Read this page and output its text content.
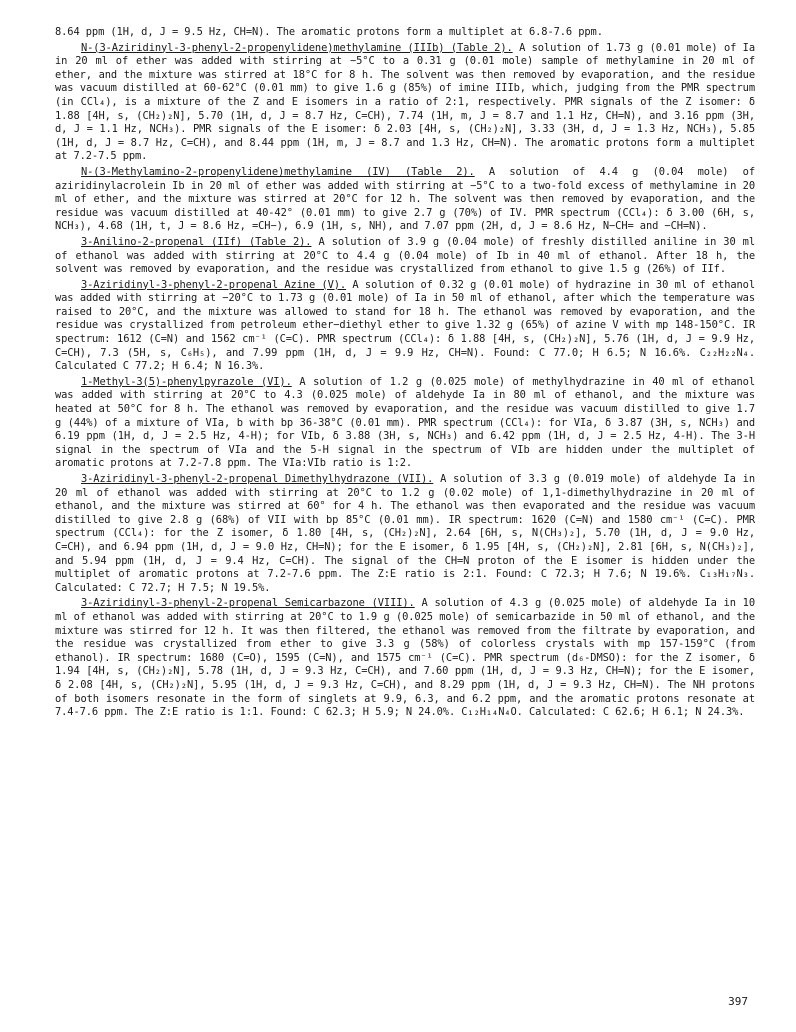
8.64 ppm (1H, d, J = 9.5 Hz, CH=N). The aromatic protons form a multiplet at 6.8-7.6 ppm.

N-(3-Aziridinyl-3-phenyl-2-propenylidene)methylamine (IIIb) (Table 2). A solution of 1.73 g (0.01 mole) of Ia in 20 ml of ether was added with stirring at −5°C to a 0.31 g (0.01 mole) sample of methylamine in 20 ml of ether, and the mixture was stirred at 18°C for 8 h. The solvent was then removed by evaporation, and the residue was vacuum distilled at 60-62°C (0.01 mm) to give 1.6 g (85%) of imine IIIb, which, judging from the PMR spectrum (in CCl₄), is a mixture of the Z and E isomers in a ratio of 2:1, respectively. PMR signals of the Z isomer: δ 1.88 [4H, s, (CH₂)₂N], 5.70 (1H, d, J = 8.7 Hz, C=CH), 7.74 (1H, m, J = 8.7 and 1.1 Hz, CH=N), and 3.16 ppm (3H, d, J = 1.1 Hz, NCH₃). PMR signals of the E isomer: δ 2.03 [4H, s, (CH₂)₂N], 3.33 (3H, d, J = 1.3 Hz, NCH₃), 5.85 (1H, d, J = 8.7 Hz, C=CH), and 8.44 ppm (1H, m, J = 8.7 and 1.3 Hz, CH=N). The aromatic protons form a multiplet at 7.2-7.5 ppm.

N-(3-Methylamino-2-propenylidene)methylamine (IV) (Table 2). A solution of 4.4 g (0.04 mole) of aziridinylacrolein Ib in 20 ml of ether was added with stirring at −5°C to a two-fold excess of methylamine in 20 ml of ether, and the mixture was stirred at 20°C for 12 h. The solvent was then removed by evaporation, and the residue was vacuum distilled at 40-42° (0.01 mm) to give 2.7 g (70%) of IV. PMR spectrum (CCl₄): δ 3.00 (6H, s, NCH₃), 4.68 (1H, t, J = 8.6 Hz, =CH−), 6.9 (1H, s, NH), and 7.07 ppm (2H, d, J = 8.6 Hz, N−CH= and −CH=N).

3-Anilino-2-propenal (IIf) (Table 2). A solution of 3.9 g (0.04 mole) of freshly distilled aniline in 30 ml of ethanol was added with stirring at 20°C to 4.4 g (0.04 mole) of Ib in 40 ml of ethanol. After 18 h, the solvent was removed by evaporation, and the residue was crystallized from ethanol to give 1.5 g (26%) of IIf.

3-Aziridinyl-3-phenyl-2-propenal Azine (V). A solution of 0.32 g (0.01 mole) of hydrazine in 30 ml of ethanol was added with stirring at −20°C to 1.73 g (0.01 mole) of Ia in 50 ml of ethanol, after which the temperature was raised to 20°C, and the mixture was allowed to stand for 18 h. The ethanol was removed by evaporation, and the residue was crystallized from petroleum ether−diethyl ether to give 1.32 g (65%) of azine V with mp 148-150°C. IR spectrum: 1612 (C=N) and 1562 cm⁻¹ (C=C). PMR spectrum (CCl₄): δ 1.88 [4H, s, (CH₂)₂N], 5.76 (1H, d, J = 9.9 Hz, C=CH), 7.3 (5H, s, C₆H₅), and 7.99 ppm (1H, d, J = 9.9 Hz, CH=N). Found: C 77.0; H 6.5; N 16.6%. C₂₂H₂₂N₄. Calculated C 77.2; H 6.4; N 16.3%.

1-Methyl-3(5)-phenylpyrazole (VI). A solution of 1.2 g (0.025 mole) of methylhydrazine in 40 ml of ethanol was added with stirring at 20°C to 4.3 (0.025 mole) of aldehyde Ia in 80 ml of ethanol, and the mixture was heated at 50°C for 8 h. The ethanol was removed by evaporation, and the residue was vacuum distilled to give 1.7 g (44%) of a mixture of VIa, b with bp 36-38°C (0.01 mm). PMR spectrum (CCl₄): for VIa, δ 3.87 (3H, s, NCH₃) and 6.19 ppm (1H, d, J = 2.5 Hz, 4-H); for VIb, δ 3.88 (3H, s, NCH₃) and 6.42 ppm (1H, d, J = 2.5 Hz, 4-H). The 3-H signal in the spectrum of VIa and the 5-H signal in the spectrum of VIb are hidden under the multiplet of aromatic protons at 7.2-7.8 ppm. The VIa:VIb ratio is 1:2.

3-Aziridinyl-3-phenyl-2-propenal Dimethylhydrazone (VII). A solution of 3.3 g (0.019 mole) of aldehyde Ia in 20 ml of ethanol was added with stirring at 20°C to 1.2 g (0.02 mole) of 1,1-dimethylhydrazine in 20 ml of ethanol, and the mixture was stirred at 60° for 4 h. The ethanol was then evaporated and the residue was vacuum distilled to give 2.8 g (68%) of VII with bp 85°C (0.01 mm). IR spectrum: 1620 (C=N) and 1580 cm⁻¹ (C=C). PMR spectrum (CCl₄): for the Z isomer, δ 1.80 [4H, s, (CH₂)₂N], 2.64 [6H, s, N(CH₃)₂], 5.70 (1H, d, J = 9.0 Hz, C=CH), and 6.94 ppm (1H, d, J = 9.0 Hz, CH=N); for the E isomer, δ 1.95 [4H, s, (CH₂)₂N], 2.81 [6H, s, N(CH₃)₂], and 5.94 ppm (1H, d, J = 9.4 Hz, C=CH). The signal of the CH=N proton of the E isomer is hidden under the multiplet of aromatic protons at 7.2-7.6 ppm. The Z:E ratio is 2:1. Found: C 72.3; H 7.6; N 19.6%. C₁₃H₁₇N₃. Calculated: C 72.7; H 7.5; N 19.5%.

3-Aziridinyl-3-phenyl-2-propenal Semicarbazone (VIII). A solution of 4.3 g (0.025 mole) of aldehyde Ia in 10 ml of ethanol was added with stirring at 20°C to 1.9 g (0.025 mole) of semicarbazide in 50 ml of ethanol, and the mixture was stirred for 12 h. It was then filtered, the ethanol was removed from the filtrate by evaporation, and the residue was crystallized from ether to give 3.3 g (58%) of colorless crystals with mp 157-159°C (from ethanol). IR spectrum: 1680 (C=O), 1595 (C=N), and 1575 cm⁻¹ (C=C). PMR spectrum (d₆-DMSO): for the Z isomer, δ 1.94 [4H, s, (CH₂)₂N], 5.78 (1H, d, J = 9.3 Hz, C=CH), and 7.60 ppm (1H, d, J = 9.3 Hz, CH=N); for the E isomer, δ 2.08 [4H, s, (CH₂)₂N], 5.95 (1H, d, J = 9.3 Hz, C=CH), and 8.29 ppm (1H, d, J = 9.3 Hz, CH=N). The NH protons of both isomers resonate in the form of singlets at 9.9, 6.3, and 6.2 ppm, and the aromatic protons resonate at 7.4-7.6 ppm. The Z:E ratio is 1:1. Found: C 62.3; H 5.9; N 24.0%. C₁₂H₁₄N₄O. Calculated: C 62.6; H 6.1; N 24.3%.

397
